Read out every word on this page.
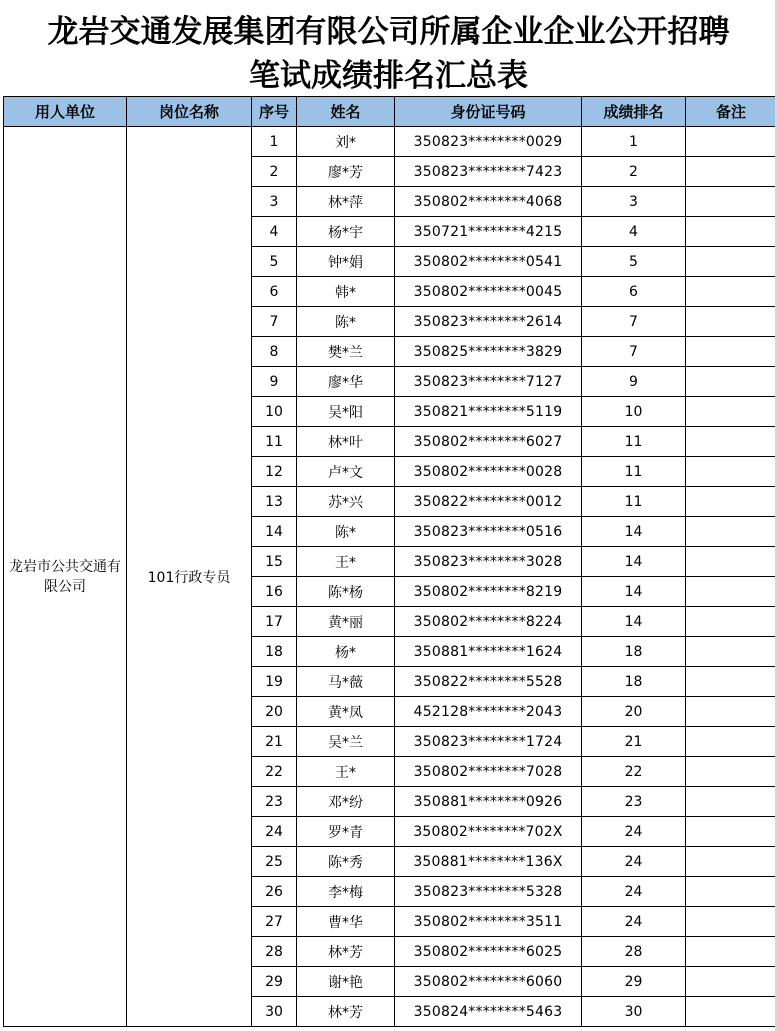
龙岩交通发展集团有限公司所属企业企业公开招聘
笔试成绩排名汇总表
用人单位	岗位名称	序号	姓名	身份证号码	成绩排名	备注
龙岩市公共交通有限公司	101行政专员	1	刘*	350823********0029	1	
		2	廖*芳	350823********7423	2	
		3	林*萍	350802********4068	3	
		4	杨*宇	350721********4215	4	
		5	钟*娟	350802********0541	5	
		6	韩*	350802********0045	6	
		7	陈*	350823********2614	7	
		8	樊*兰	350825********3829	7	
		9	廖*华	350823********7127	9	
		10	吴*阳	350821********5119	10	
		11	林*叶	350802********6027	11	
		12	卢*文	350802********0028	11	
		13	苏*兴	350822********0012	11	
		14	陈*	350823********0516	14	
		15	王*	350823********3028	14	
		16	陈*杨	350802********8219	14	
		17	黄*丽	350802********8224	14	
		18	杨*	350881********1624	18	
		19	马*薇	350822********5528	18	
		20	黄*凤	452128********2043	20	
		21	吴*兰	350823********1724	21	
		22	王*	350802********7028	22	
		23	邓*纷	350881********0926	23	
		24	罗*青	350802********702X	24	
		25	陈*秀	350881********136X	24	
		26	李*梅	350823********5328	24	
		27	曹*华	350802********3511	24	
		28	林*芳	350802********6025	28	
		29	谢*艳	350802********6060	29	
		30	林*芳	350824********5463	30	
